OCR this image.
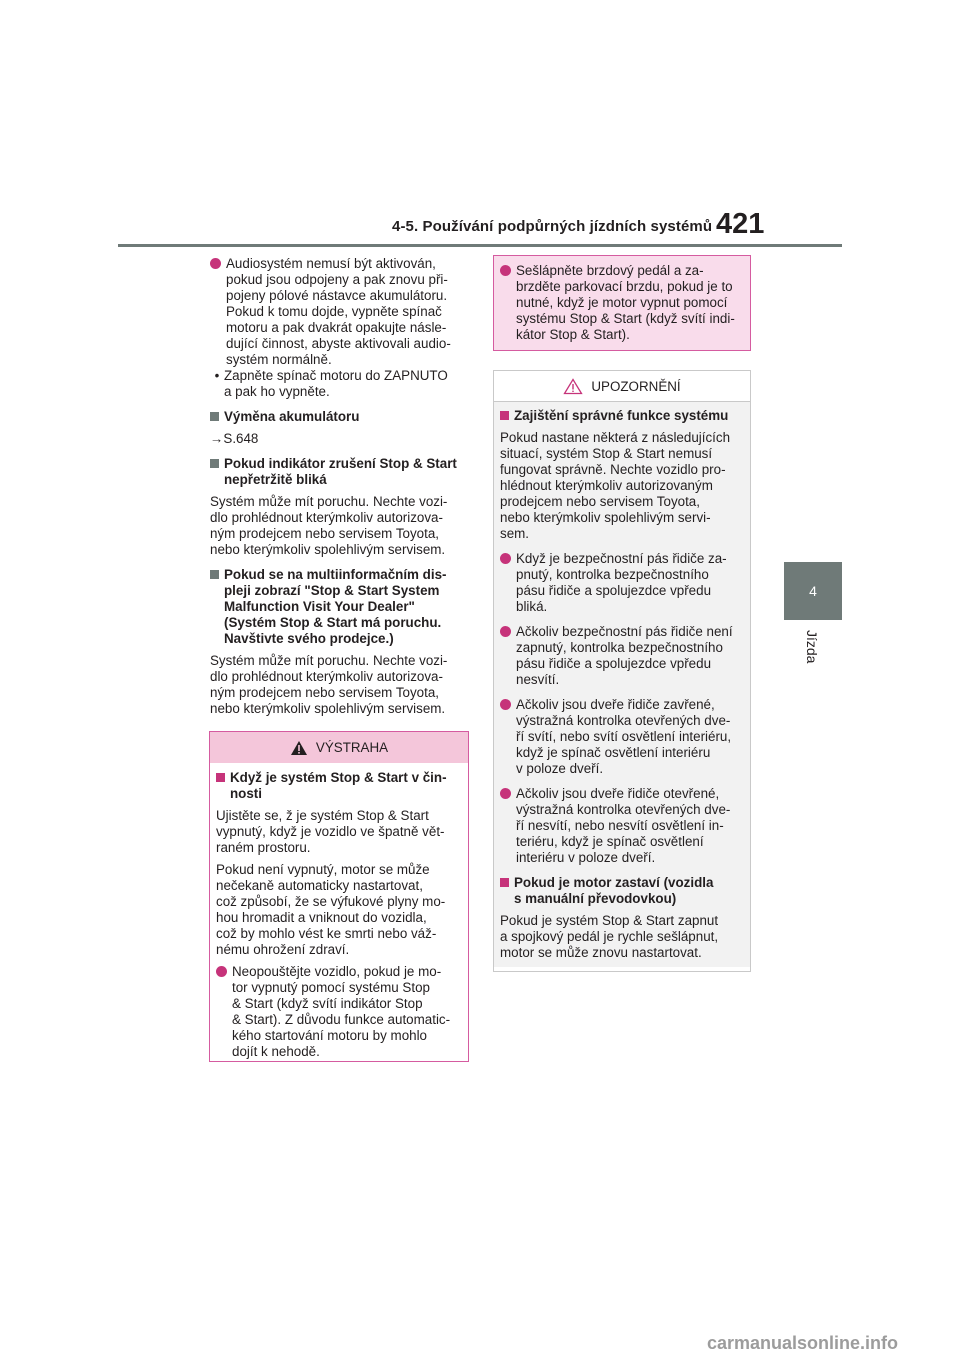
4-5. Používání podpůrných jízdních systémů 421
4
Jízda
Audiosystém nemusí být aktivován,
pokud jsou odpojeny a pak znovu při-
pojeny pólové nástavce akumulátoru.
Pokud k tomu dojde, vypněte spínač
motoru a pak dvakrát opakujte násle-
dující činnost, abyste aktivovali audio-
systém normálně.
• Zapněte spínač motoru do ZAPNUTO
a pak ho vypněte.
Výměna akumulátoru
→S.648
Pokud indikátor zrušení Stop & Start
nepřetržitě bliká
Systém může mít poruchu. Nechte vozi-
dlo prohlédnout kterýmkoliv autorizova-
ným prodejcem nebo servisem Toyota,
nebo kterýmkoliv spolehlivým servisem.
Pokud se na multiinformačním dis-
pleji zobrazí "Stop & Start System
Malfunction Visit Your Dealer"
(Systém Stop & Start má poruchu.
Navštivte svého prodejce.)
Systém může mít poruchu. Nechte vozi-
dlo prohlédnout kterýmkoliv autorizova-
ným prodejcem nebo servisem Toyota,
nebo kterýmkoliv spolehlivým servisem.
VÝSTRAHA
Když je systém Stop & Start v čin-
nosti
Ujistěte se, ž je systém Stop & Start
vypnutý, když je vozidlo ve špatně vět-
raném prostoru.
Pokud není vypnutý, motor se může
nečekaně automaticky nastartovat,
což způsobí, že se výfukové plyny mo-
hou hromadit a vniknout do vozidla,
což by mohlo vést ke smrti nebo váž-
nému ohrožení zdraví.
Neopouštějte vozidlo, pokud je mo-
tor vypnutý pomocí systému Stop
& Start (když svítí indikátor Stop
& Start). Z důvodu funkce automatic-
kého startování motoru by mohlo
dojít k nehodě.
Sešlápněte brzdový pedál a za-
brzděte parkovací brzdu, pokud je to
nutné, když je motor vypnut pomocí
systému Stop & Start (když svítí indi-
kátor Stop & Start).
UPOZORNĚNÍ
Zajištění správné funkce systému
Pokud nastane některá z následujících
situací, systém Stop & Start nemusí
fungovat správně. Nechte vozidlo pro-
hlédnout kterýmkoliv autorizovaným
prodejcem nebo servisem Toyota,
nebo kterýmkoliv spolehlivým servi-
sem.
Když je bezpečnostní pás řidiče za-
pnutý, kontrolka bezpečnostního
pásu řidiče a spolujezdce vpředu
bliká.
Ačkoliv bezpečnostní pás řidiče není
zapnutý, kontrolka bezpečnostního
pásu řidiče a spolujezdce vpředu
nesvítí.
Ačkoliv jsou dveře řidiče zavřené,
výstražná kontrolka otevřených dve-
ří svítí, nebo svítí osvětlení interiéru,
když je spínač osvětlení interiéru
v poloze dveří.
Ačkoliv jsou dveře řidiče otevřené,
výstražná kontrolka otevřených dve-
ří nesvítí, nebo nesvítí osvětlení in-
teriéru, když je spínač osvětlení
interiéru v poloze dveří.
Pokud je motor zastaví (vozidla
s manuální převodovkou)
Pokud je systém Stop & Start zapnut
a spojkový pedál je rychle sešlápnut,
motor se může znovu nastartovat.
carmanualsonline.info
